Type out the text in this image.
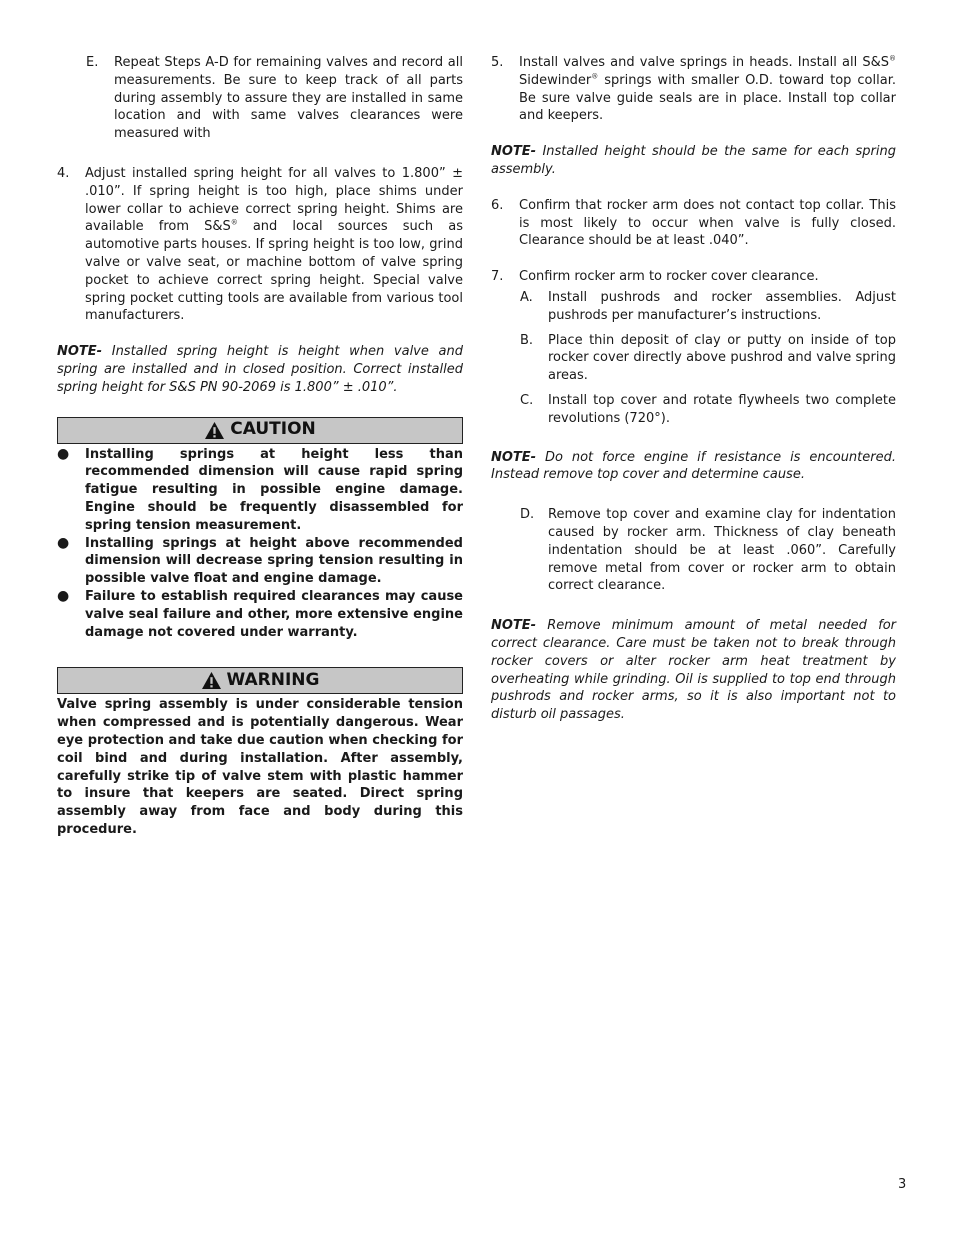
E.	Repeat Steps A-D for remaining valves and record all measurements. Be sure to keep track of all parts during assembly to assure they are installed in same location and with same valves clearances were measured with
4.	Adjust installed spring height for all valves to 1.800” ± .010”. If spring height is too high, place shims under lower collar to achieve correct spring height. Shims are available from S&S® and local sources such as automotive parts houses. If spring height is too low, grind valve or valve seat, or machine bottom of valve spring pocket to achieve correct spring height. Special valve spring pocket cutting tools are available from various tool manufacturers.
NOTE- Installed spring height is height when valve and spring are installed and in closed position. Correct installed spring height for S&S PN 90-2069 is 1.800” ± .010”.
CAUTION
●	Installing springs at height less than recommended dimension will cause rapid spring fatigue resulting in possible engine damage. Engine should be frequently disassembled for spring tension measurement.
●	Installing springs at height above recommended dimension will decrease spring tension resulting in possible valve float and engine damage.
●	Failure to establish required clearances may cause valve seal failure and other, more extensive engine damage not covered under warranty.
WARNING
Valve spring assembly is under considerable tension when compressed and is potentially dangerous. Wear eye protection and take due caution when checking for coil bind and during installation. After assembly, carefully strike tip of valve stem with plastic hammer to insure that keepers are seated. Direct spring assembly away from face and body during this procedure.
5.	Install valves and valve springs in heads. Install all S&S® Sidewinder® springs with smaller O.D. toward top collar. Be sure valve guide seals are in place. Install top collar and keepers.
NOTE- Installed height should be the same for each spring assembly.
6.	Confirm that rocker arm does not contact top collar. This is most likely to occur when valve is fully closed. Clearance should be at least .040”.
7.	Confirm rocker arm to rocker cover clearance.
A.	Install pushrods and rocker assemblies. Adjust pushrods per manufacturer’s instructions.
B.	Place thin deposit of clay or putty on inside of top rocker cover directly above pushrod and valve spring areas.
C.	Install top cover and rotate flywheels two complete revolutions (720°).
NOTE- Do not force engine if resistance is encountered. Instead remove top cover and determine cause.
D.	Remove top cover and examine clay for indentation caused by rocker arm. Thickness of clay beneath indentation should be at least .060”. Carefully remove metal from cover or rocker arm to obtain correct clearance.
NOTE- Remove minimum amount of metal needed for correct clearance. Care must be taken not to break through rocker covers or alter rocker arm heat treatment by overheating while grinding. Oil is supplied to top end through pushrods and rocker arms, so it is also important not to disturb oil passages.
3
